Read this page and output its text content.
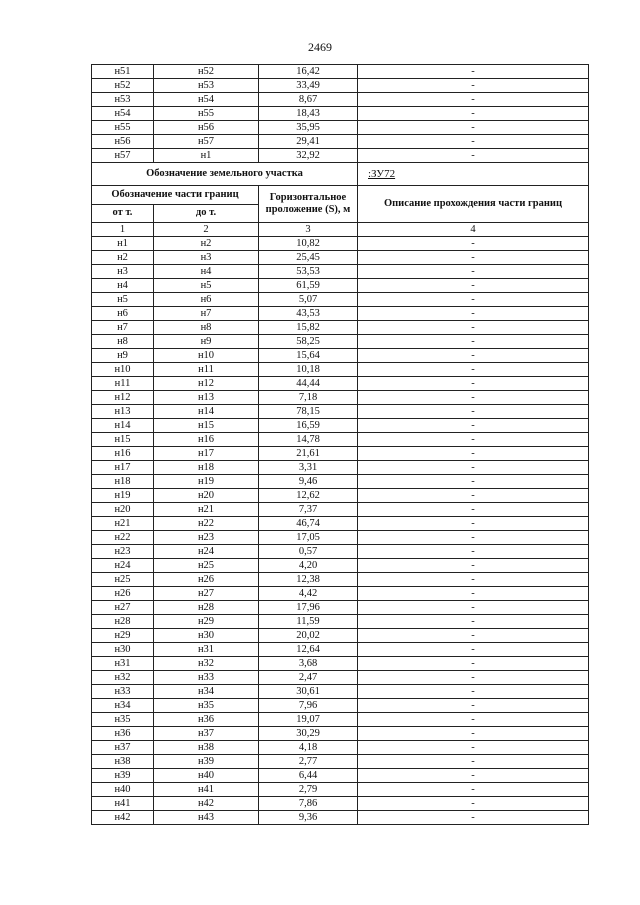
2469
н51	н52	16,42	-
н52	н53	33,49	-
н53	н54	8,67	-
н54	н55	18,43	-
н55	н56	35,95	-
н56	н57	29,41	-
н57	н1	32,92	-
Обозначение земельного участка			:ЗУ72
Обозначение части границ		Горизонтальное проложение (S), м	Описание прохождения части границ
от т.	до т.		
1	2	3	4
н1	н2	10,82	-
н2	н3	25,45	-
н3	н4	53,53	-
н4	н5	61,59	-
н5	н6	5,07	-
н6	н7	43,53	-
н7	н8	15,82	-
н8	н9	58,25	-
н9	н10	15,64	-
н10	н11	10,18	-
н11	н12	44,44	-
н12	н13	7,18	-
н13	н14	78,15	-
н14	н15	16,59	-
н15	н16	14,78	-
н16	н17	21,61	-
н17	н18	3,31	-
н18	н19	9,46	-
н19	н20	12,62	-
н20	н21	7,37	-
н21	н22	46,74	-
н22	н23	17,05	-
н23	н24	0,57	-
н24	н25	4,20	-
н25	н26	12,38	-
н26	н27	4,42	-
н27	н28	17,96	-
н28	н29	11,59	-
н29	н30	20,02	-
н30	н31	12,64	-
н31	н32	3,68	-
н32	н33	2,47	-
н33	н34	30,61	-
н34	н35	7,96	-
н35	н36	19,07	-
н36	н37	30,29	-
н37	н38	4,18	-
н38	н39	2,77	-
н39	н40	6,44	-
н40	н41	2,79	-
н41	н42	7,86	-
н42	н43	9,36	-
